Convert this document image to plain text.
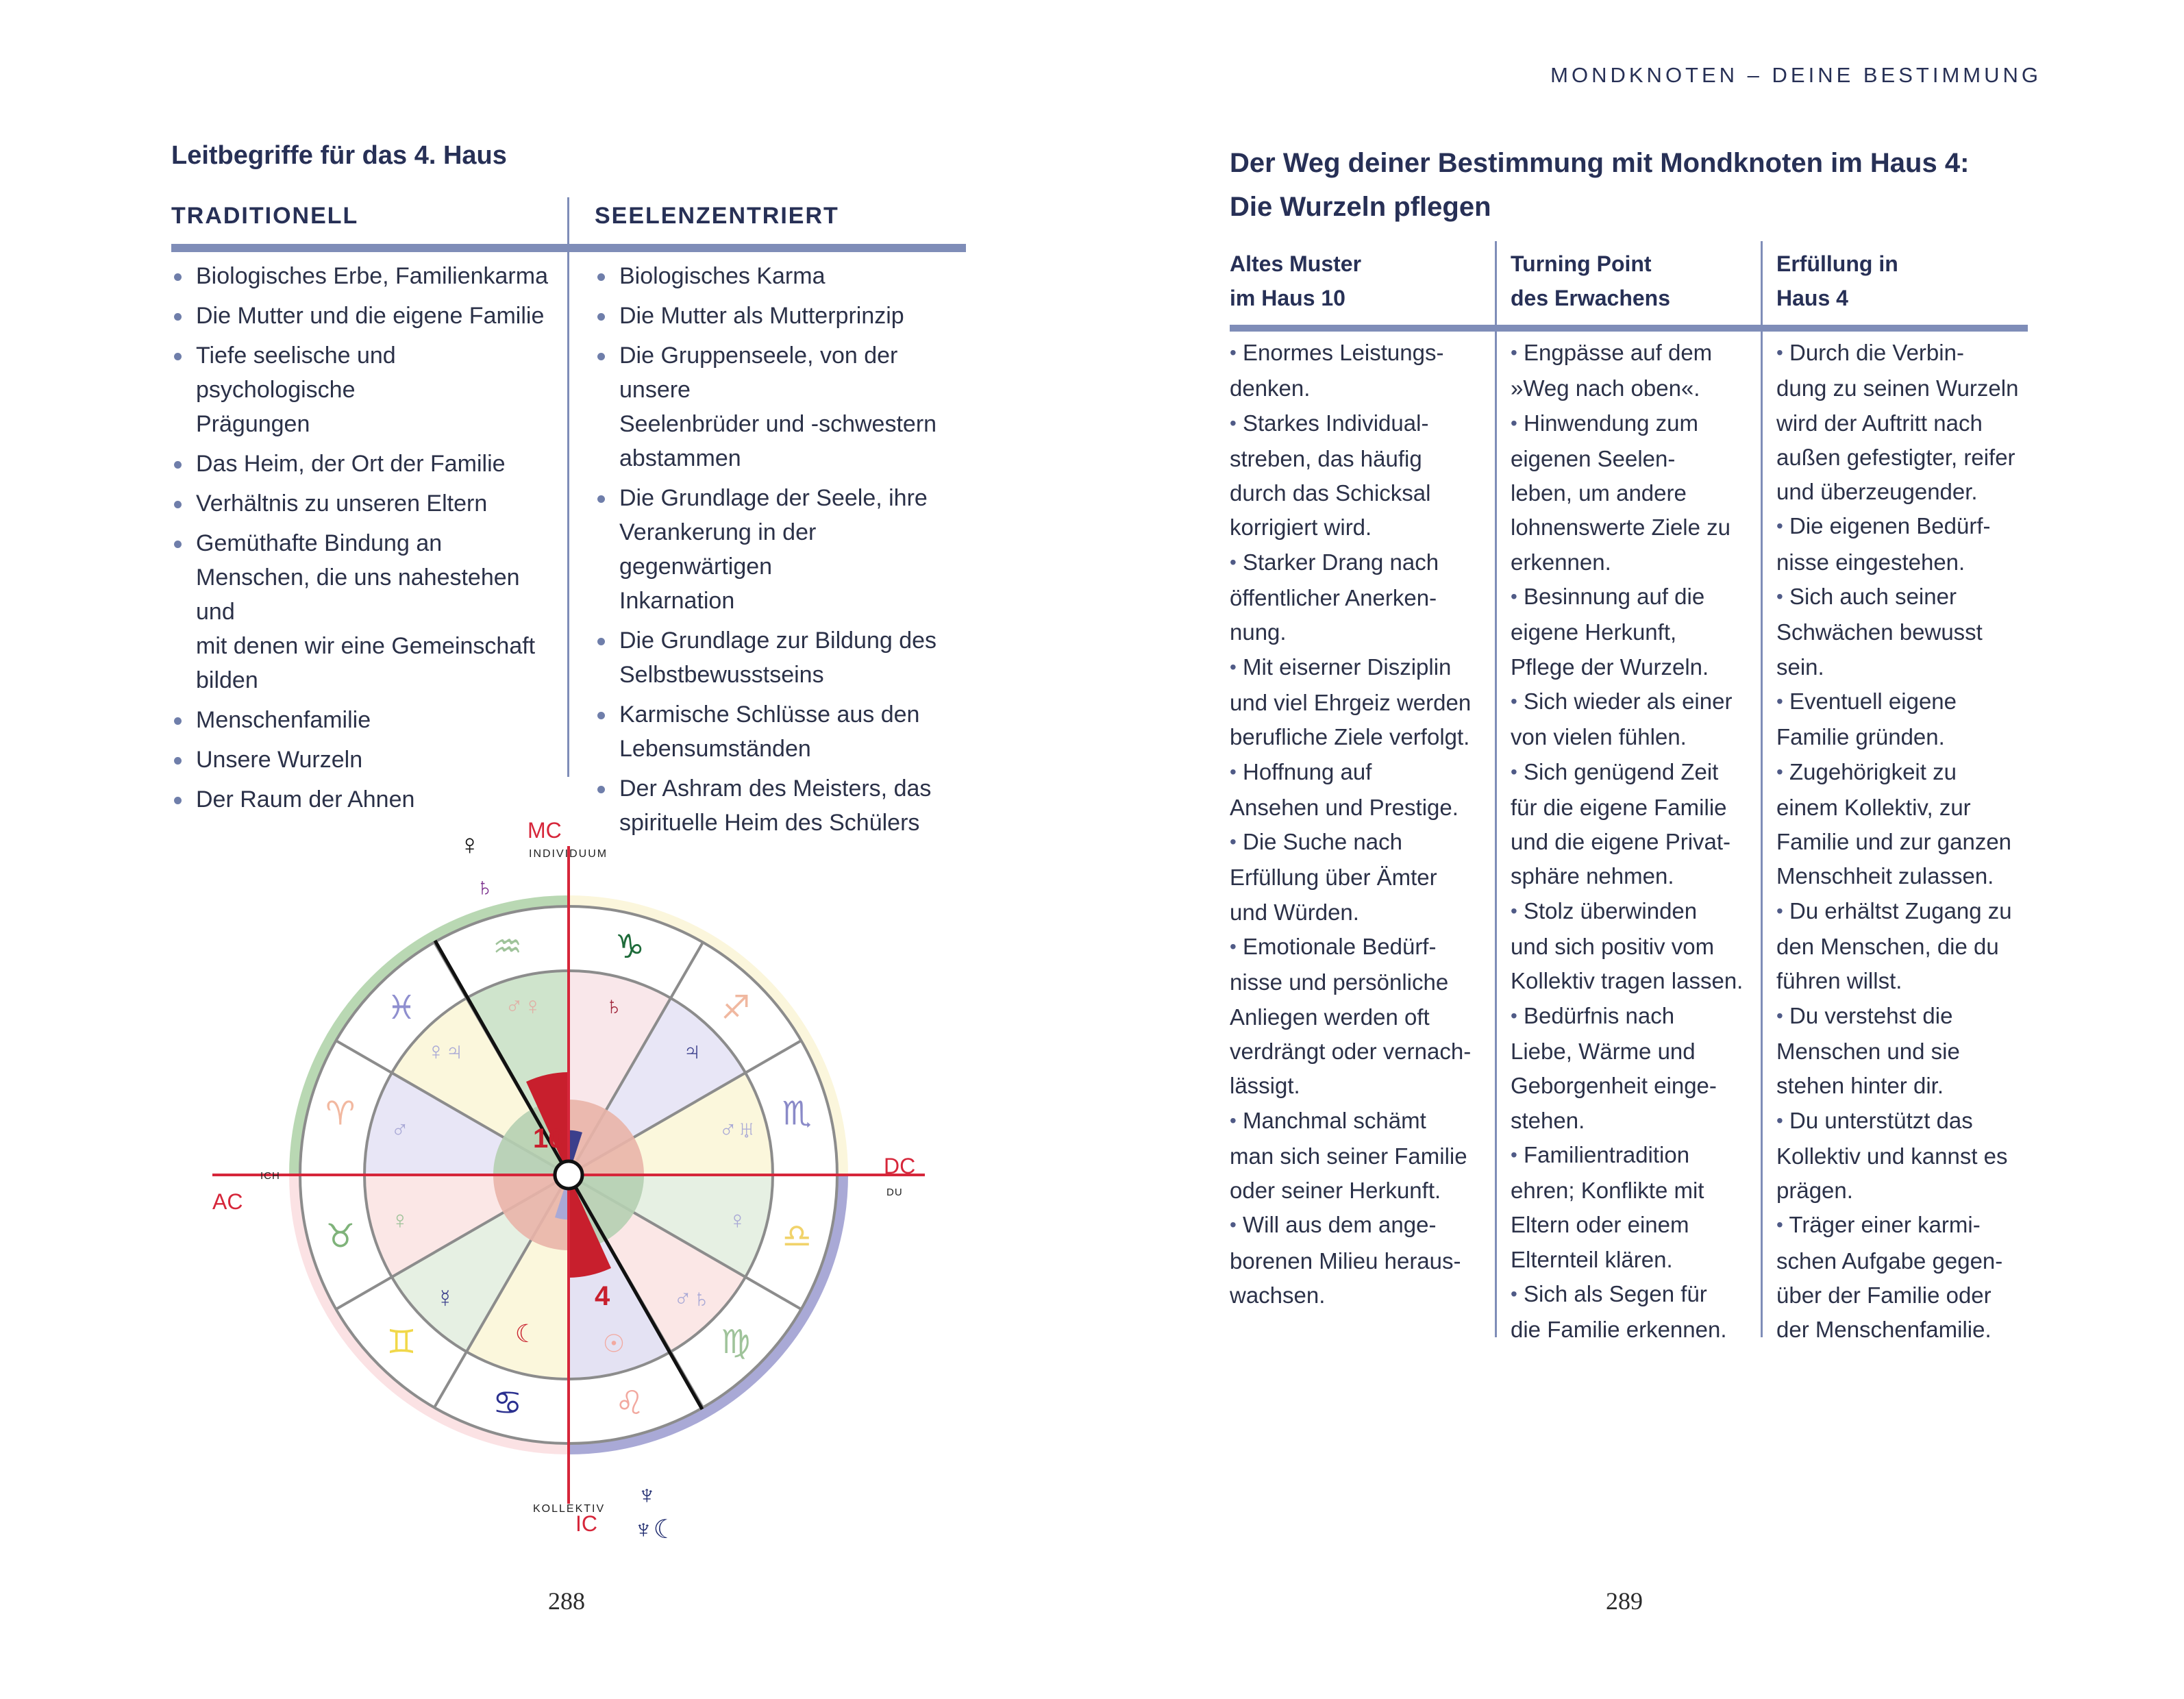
MONDKNOTEN – DEINE BESTIMMUNG
Leitbegriffe für das 4. Haus
TRADITIONELL	SEELENZENTRIERT
Biologisches Erbe, Familienkarma
Die Mutter und die eigene Familie
Tiefe seelische und psychologische
Prägungen
Das Heim, der Ort der Familie
Verhältnis zu unseren Eltern
Gemüthafte Bindung an
Menschen, die uns nahestehen und
mit denen wir eine Gemeinschaft
bilden
Menschenfamilie
Unsere Wurzeln
Der Raum der Ahnen
Biologisches Karma
Die Mutter als Mutterprinzip
Die Gruppenseele, von der unsere
Seelenbrüder und -schwestern
abstammen
Die Grundlage der Seele, ihre
Verankerung in der gegenwärtigen
Inkarnation
Die Grundlage zur Bildung des
Selbstbewusstseins
Karmische Schlüsse aus den
Lebensumständen
Der Ashram des Meisters, das
spirituelle Heim des Schülers
♑
♐
♏
♎
♍
♌
♋
♊
♉
♈
♓
♒
♄
♃
♂♅
♀
♂♄
☉
☾
☿
♀
♂
♀♃
♂♀
10
4
MC
INDIVIDUUM
KOLLEKTIV
IC
AC
ICH
DU
DC
♀
♄
♆
♆☾
288
Der Weg deiner Bestimmung mit Mondknoten im Haus 4:
Die Wurzeln pflegen
Altes Muster
im Haus 10
Turning Point
des Erwachens
Erfüllung in
Haus 4

• Enormes Leistungs-

denken.

• Starkes Individual-

streben, das häufig

durch das Schicksal

korrigiert wird.

• Starker Drang nach

öffentlicher Anerken-

nung.

• Mit eiserner Disziplin

und viel Ehrgeiz werden

berufliche Ziele verfolgt.

• Hoffnung auf

Ansehen und Prestige.

• Die Suche nach

Erfüllung über Ämter

und Würden.

• Emotionale Bedürf-

nisse und persönliche

Anliegen werden oft

verdrängt oder vernach-

lässigt.

• Manchmal schämt

man sich seiner Familie

oder seiner Herkunft.

• Will aus dem ange-

borenen Milieu heraus-

wachsen.

• Engpässe auf dem

»Weg nach oben«.

• Hinwendung zum

eigenen Seelen-

leben, um andere

lohnenswerte Ziele zu

erkennen.

• Besinnung auf die

eigene Herkunft,

Pflege der Wurzeln.

• Sich wieder als einer

von vielen fühlen.

• Sich genügend Zeit

für die eigene Familie

und die eigene Privat-

sphäre nehmen.

• Stolz überwinden

und sich positiv vom

Kollektiv tragen lassen.

• Bedürfnis nach

Liebe, Wärme und

Geborgenheit einge-

stehen.

• Familientradition

ehren; Konflikte mit

Eltern oder einem

Elternteil klären.

• Sich als Segen für

die Familie erkennen.

• Durch die Verbin-

dung zu seinen Wurzeln

wird der Auftritt nach

außen gefestigter, reifer

und überzeugender.

• Die eigenen Bedürf-

nisse eingestehen.

• Sich auch seiner

Schwächen bewusst

sein.

• Eventuell eigene

Familie gründen.

• Zugehörigkeit zu

einem Kollektiv, zur

Familie und zur ganzen

Menschheit zulassen.

• Du erhältst Zugang zu

den Menschen, die du

führen willst.

• Du verstehst die

Menschen und sie

stehen hinter dir.

• Du unterstützt das

Kollektiv und kannst es

prägen.

• Träger einer karmi-

schen Aufgabe gegen-

über der Familie oder

der Menschenfamilie.

289
